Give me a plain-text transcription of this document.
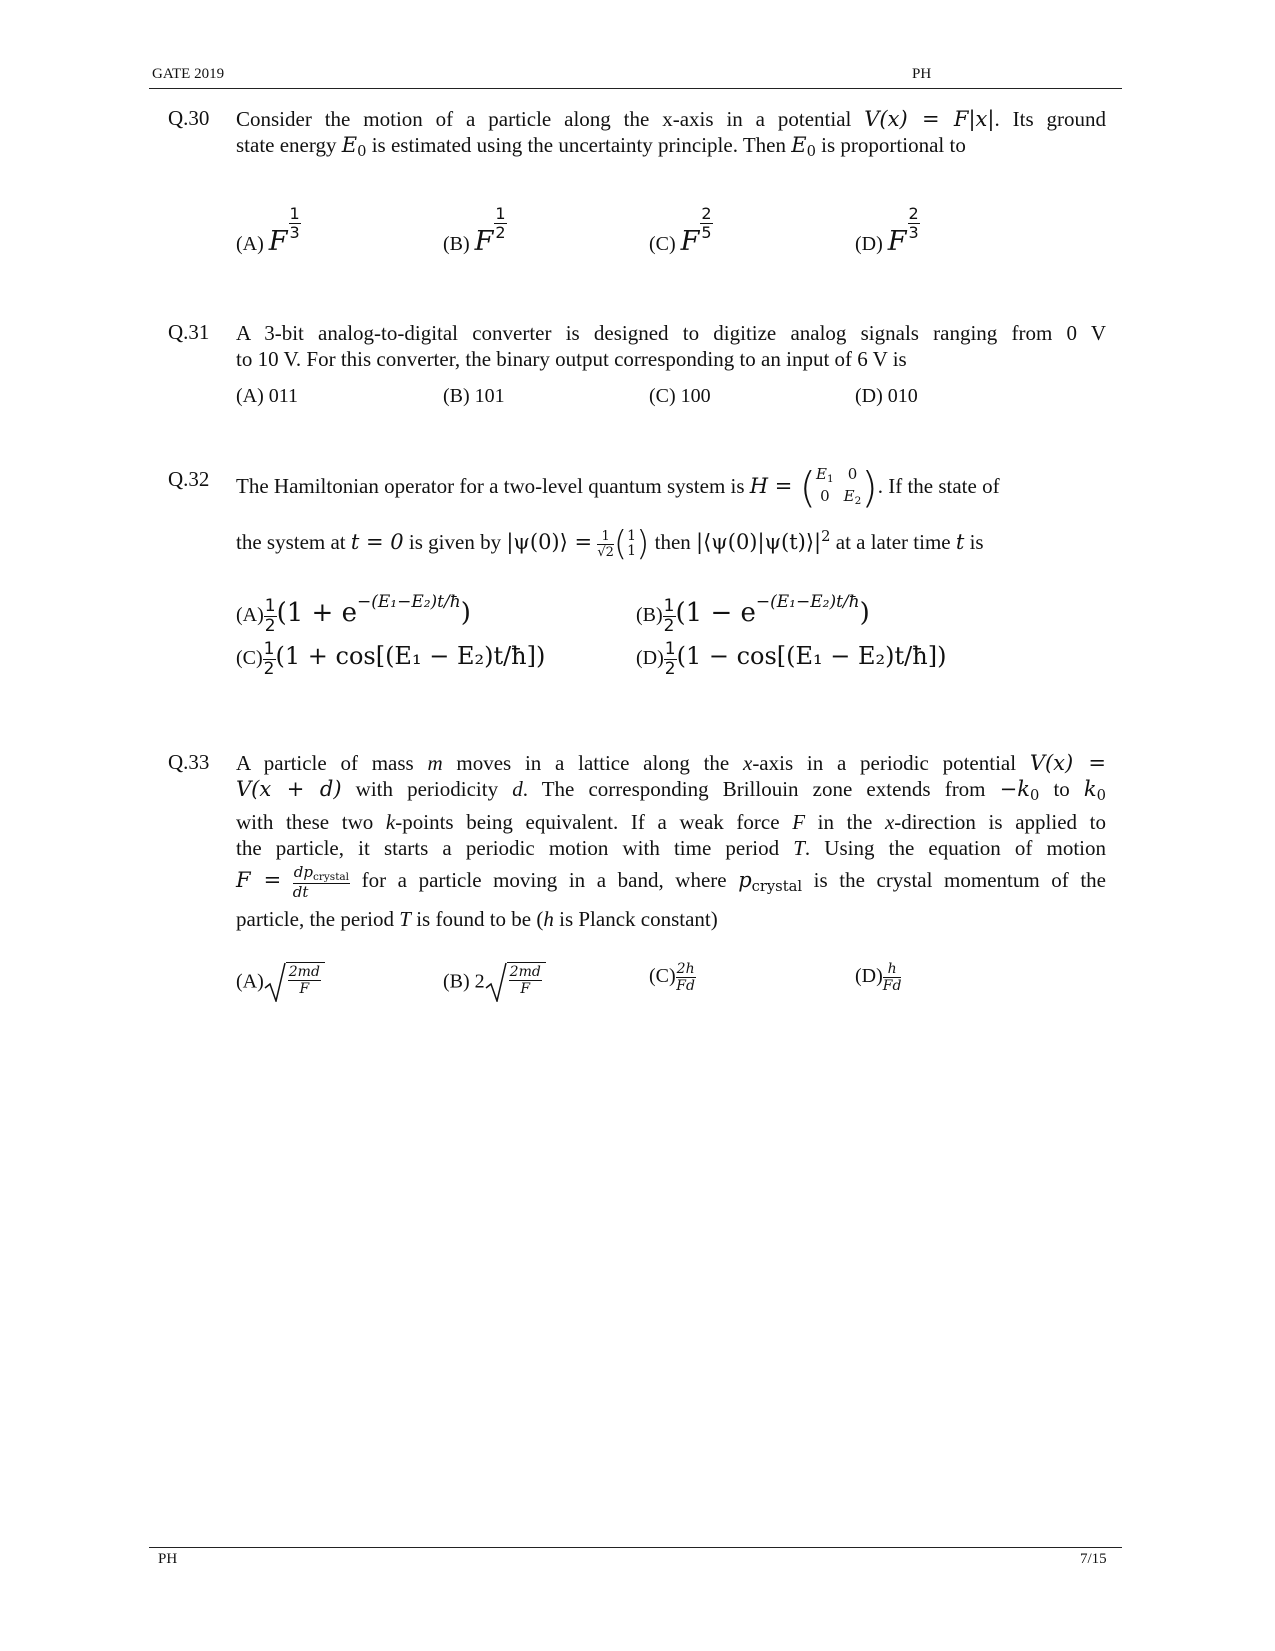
GATE 2019	PH
Q.30 Consider the motion of a particle along the x-axis in a potential V(x) = F|x|. Its ground
state energy $E_0$ is estimated using the uncertainty principle. Then $E_0$ is proportional to
(A) F
$\frac{1}{3}$
(B) F
$\frac{1}{2}$
(C) F
$\frac{2}{5}$
(D) F
$\frac{2}{3}$
Q.31 A 3-bit analog-to-digital converter is designed to digitize analog signals ranging from 0 V
to 10 V. For this converter, the binary output corresponding to an input of 6 V is
(A) 011	(B) 101	(C) 100	(D) 010
Q.32 The Hamiltonian operator for a two-level quantum system is H = ( $E_1$ 0
0 $E_2$ ) . If the state of
the system at t = 0 is given by |ψ(0)⟩ = $\frac{1}{√2}$ ( 1
1 ) then $|⟨\psi(0)|\psi(t)⟩|^2$ at a later time t is
$(A) \frac{1}{2} (1 + e^{-(E_1-E_2)t/ħ})$	$(B) \frac{1}{2} (1 - e^{-(E_1-E_2)t/ħ})$
$(C) \frac{1}{2} (1 + \cos[(E_1$ − E₂)t/ħ])	$(D) \frac{1}{2} (1 - \cos[(E_1$ − E₂)t/ħ])
Q.33 A particle of mass m moves in a lattice along the x-axis in a periodic potential V(x) =
V(x + d) with periodicity d. The corresponding Brillouin zone extends from $-k_0$ to $k_0$
with these two k-points being equivalent. If a weak force F in the x-direction is applied to
the particle, it starts a periodic motion with time period T. Using the equation of motion
$F = \frac{dp_{crystal}}{dt}$ for a particle moving in a band, where $p_{crystal}$ is the crystal momentum of the
particle, the period T is found to be (h is Planck constant)
$(A) \frac{2md}{F}$	(B) $2 \frac{2md}{F}$	$(C) \frac{2h}{Fd}$	$(D) \frac{h}{Fd}$
PH	7/15
